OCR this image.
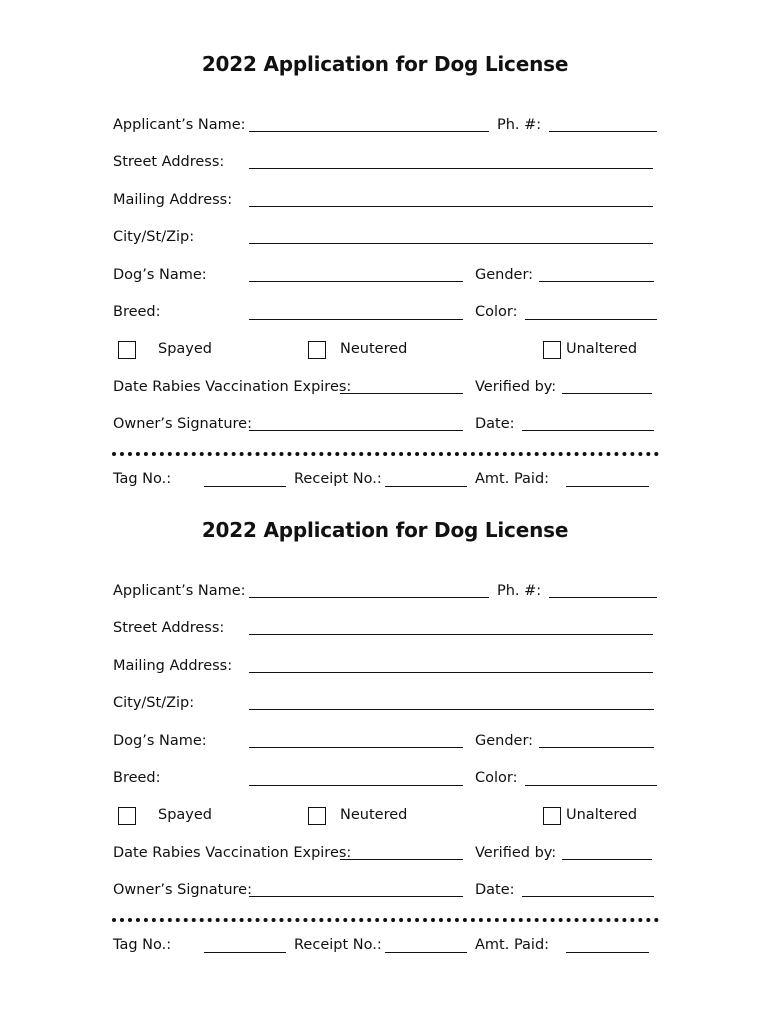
2022 Application for Dog License
Applicant’s Name:	Ph. #:
Street Address:
Mailing Address:
City/St/Zip:
Dog’s Name:	Gender:
Breed:	Color:
Spayed	Neutered	Unaltered
Date Rabies Vaccination Expires:	Verified by:
Owner’s Signature:	Date:
Tag No.:	Receipt No.:	Amt. Paid:
2022 Application for Dog License
Applicant’s Name:	Ph. #:
Street Address:
Mailing Address:
City/St/Zip:
Dog’s Name:	Gender:
Breed:	Color:
Spayed	Neutered	Unaltered
Date Rabies Vaccination Expires:	Verified by:
Owner’s Signature:	Date:
Tag No.:	Receipt No.:	Amt. Paid:
